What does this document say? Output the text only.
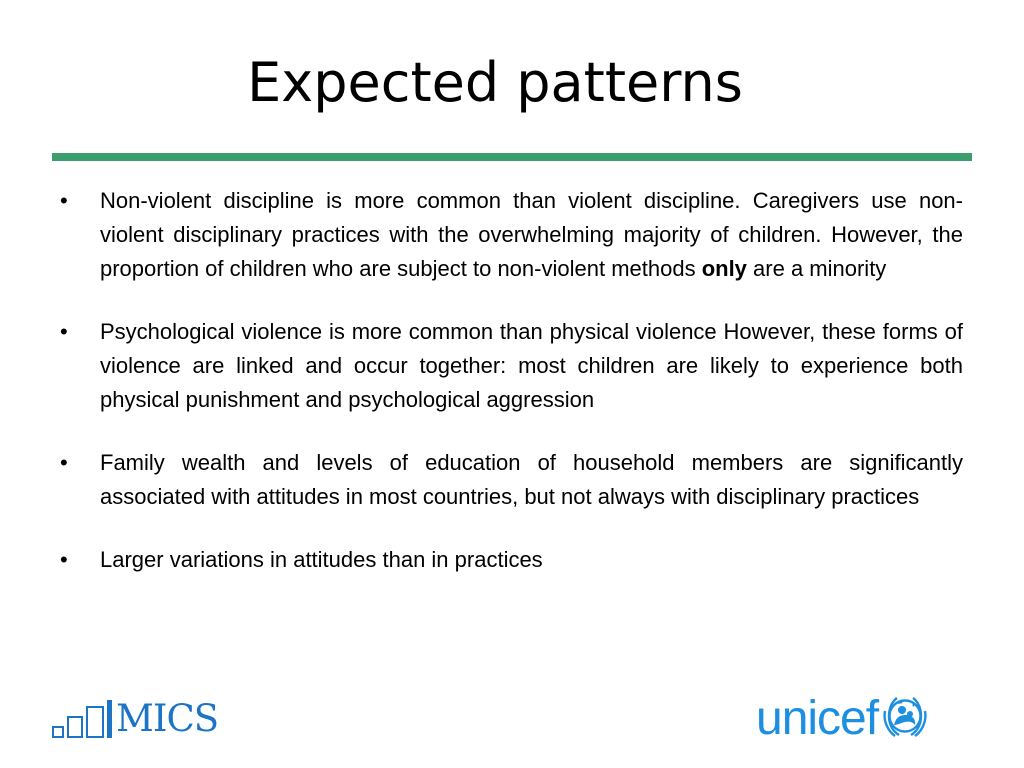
Expected patterns
•	Non-violent discipline is more common than violent discipline. Caregivers use non-violent disciplinary practices with the overwhelming majority of children. However, the proportion of children who are subject to non-violent methods only are a minority
•	Psychological violence is more common than physical violence However, these forms of violence are linked and occur together: most children are likely to experience both physical punishment and psychological aggression
•	Family wealth and levels of education of household members are significantly associated with attitudes in most countries, but not always with disciplinary practices
•	Larger variations in attitudes than in practices
MICS	unicef
